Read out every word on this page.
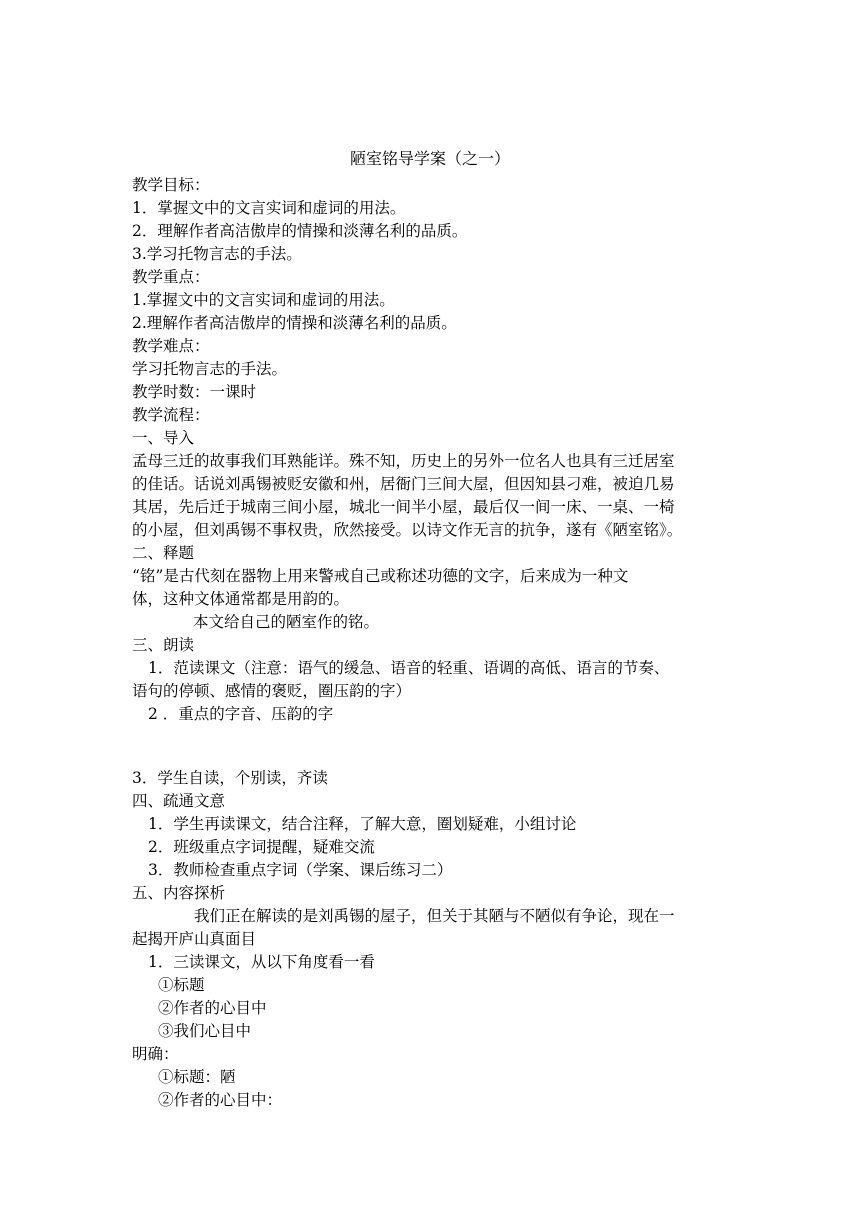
陋室铭导学案（之一）
教学目标：
1．掌握文中的文言实词和虚词的用法。
2．理解作者高洁傲岸的情操和淡薄名利的品质。
3.学习托物言志的手法。
教学重点：
1.掌握文中的文言实词和虚词的用法。
2.理解作者高洁傲岸的情操和淡薄名利的品质。
教学难点：
学习托物言志的手法。
教学时数：一课时
教学流程：
一、导入
孟母三迁的故事我们耳熟能详。殊不知，历史上的另外一位名人也具有三迁居室
的佳话。话说刘禹锡被贬安徽和州，居衙门三间大屋，但因知县刁难，被迫几易
其居，先后迁于城南三间小屋，城北一间半小屋，最后仅一间一床、一桌、一椅
的小屋，但刘禹锡不事权贵，欣然接受。以诗文作无言的抗争，遂有《陋室铭》。
二、释题
“铭”是古代刻在器物上用来警戒自己或称述功德的文字，后来成为一种文
体，这种文体通常都是用韵的。
本文给自己的陋室作的铭。
三、朗读
1．范读课文（注意：语气的缓急、语音的轻重、语调的高低、语言的节奏、
语句的停顿、感情的褒贬，圈压韵的字）
2 ．重点的字音、压韵的字
3．学生自读，个别读，齐读
四、疏通文意
1．学生再读课文，结合注释，了解大意，圈划疑难，小组讨论
2．班级重点字词提醒，疑难交流
3．教师检查重点字词（学案、课后练习二）
五、内容探析
我们正在解读的是刘禹锡的屋子，但关于其陋与不陋似有争论，现在一
起揭开庐山真面目
1．三读课文，从以下角度看一看
①标题
②作者的心目中
③我们心目中
明确：
①标题：陋
②作者的心目中：
